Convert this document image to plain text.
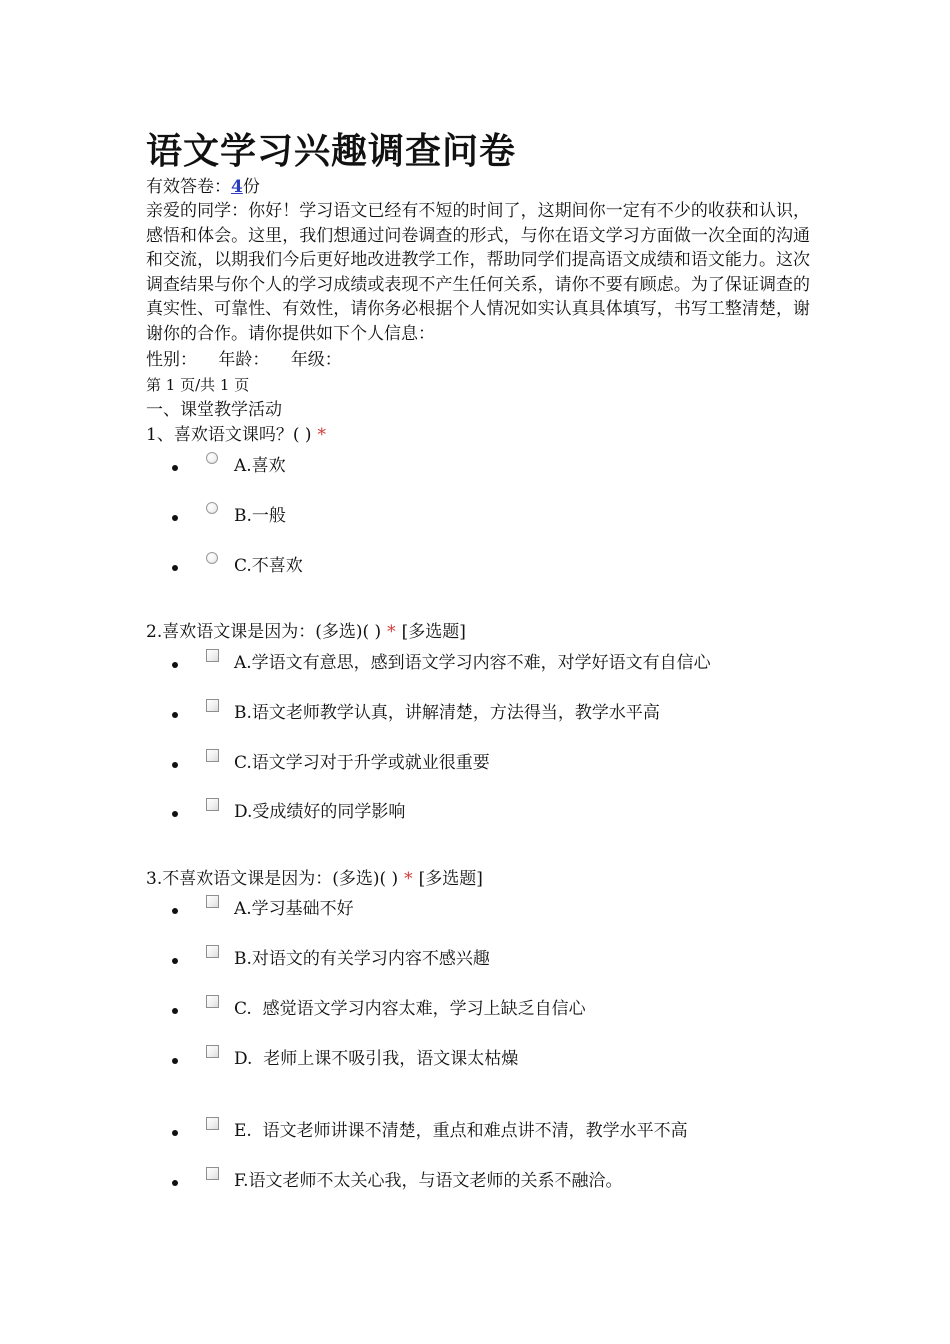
语文学习兴趣调查问卷
有效答卷：4份

亲爱的同学：你好！学习语文已经有不短的时间了，这期间你一定有不少的收获和认识，感悟和体会。这里，我们想通过问卷调查的形式，与你在语文学习方面做一次全面的沟通和交流，以期我们今后更好地改进教学工作，帮助同学们提高语文成绩和语文能力。这次调查结果与你个人的学习成绩或表现不产生任何关系，请你不要有顾虑。为了保证调查的真实性、可靠性、有效性，请你务必根据个人情况如实认真具体填写，书写工整清楚，谢谢你的合作。请你提供如下个人信息：

性别： 年龄： 年级：
第 1 页/共 1 页
一、课堂教学活动
1、喜欢语文课吗？( ) *
A.喜欢
B.一般
C.不喜欢
2.喜欢语文课是因为：(多选)( ) * [多选题]
A.学语文有意思，感到语文学习内容不难，对学好语文有自信心
B.语文老师教学认真，讲解清楚，方法得当，教学水平高
C.语文学习对于升学或就业很重要
D.受成绩好的同学影响
3.不喜欢语文课是因为：(多选)( ) * [多选题]
A.学习基础不好
B.对语文的有关学习内容不感兴趣
C.  感觉语文学习内容太难，学习上缺乏自信心
D.  老师上课不吸引我，语文课太枯燥
E.  语文老师讲课不清楚，重点和难点讲不清，教学水平不高
F.语文老师不太关心我，与语文老师的关系不融洽。
